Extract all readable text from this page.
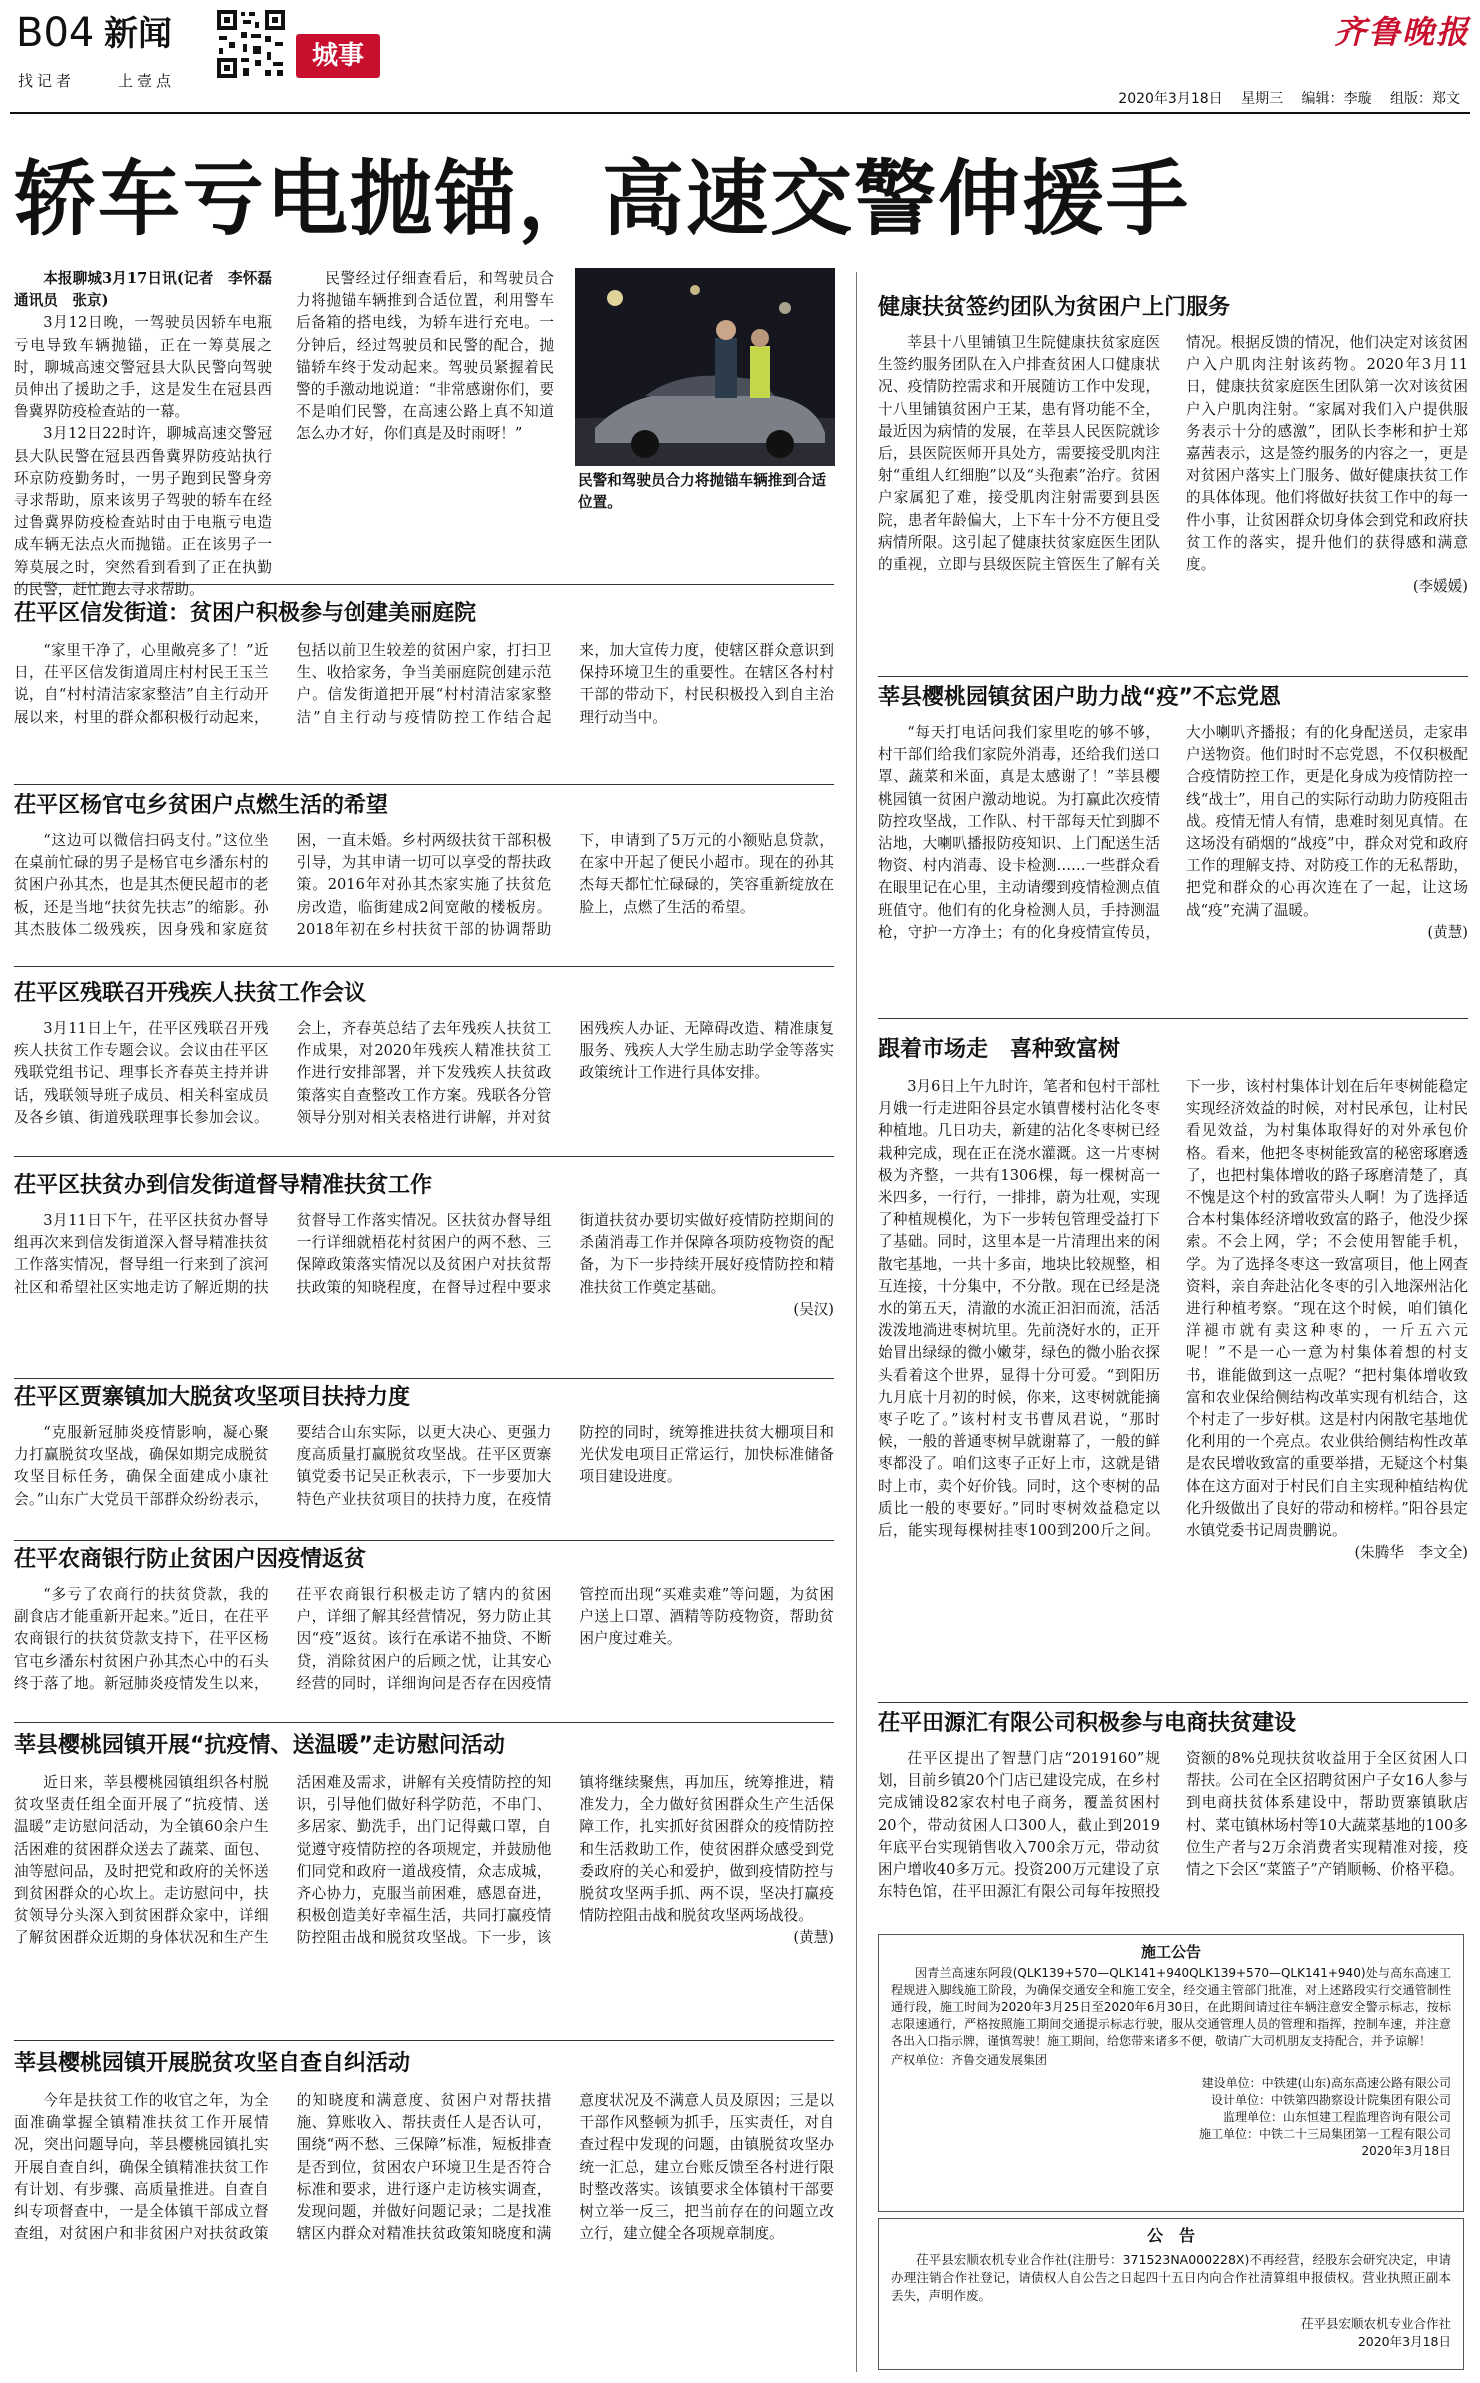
B04 新闻
找记者	上壹点
城事
齐鲁晚报
2020年3月18日 　 星期三 　 编辑：李璇 　 组版：郑文
轿车亏电抛锚，高速交警伸援手

本报聊城3月17日讯(记者　李怀磊　通讯员　张京)

3月12日晚，一驾驶员因轿车电瓶亏电导致车辆抛锚，正在一筹莫展之时，聊城高速交警冠县大队民警向驾驶员伸出了援助之手，这是发生在冠县西鲁冀界防疫检查站的一幕。

3月12日22时许，聊城高速交警冠县大队民警在冠县西鲁冀界防疫站执行环京防疫勤务时，一男子跑到民警身旁寻求帮助，原来该男子驾驶的轿车在经过鲁冀界防疫检查站时由于电瓶亏电造成车辆无法点火而抛锚。正在该男子一筹莫展之时，突然看到看到了正在执勤的民警，赶忙跑去寻求帮助。

民警经过仔细查看后，和驾驶员合力将抛锚车辆推到合适位置，利用警车后备箱的搭电线，为轿车进行充电。一分钟后，经过驾驶员和民警的配合，抛锚轿车终于发动起来。驾驶员紧握着民警的手激动地说道：“非常感谢你们，要不是咱们民警，在高速公路上真不知道怎么办才好，你们真是及时雨呀！”

民警和驾驶员合力将抛锚车辆推到合适位置。
茌平区信发街道：贫困户积极参与创建美丽庭院

“家里干净了，心里敞亮多了！”近日，茌平区信发街道周庄村村民王玉兰说，自“村村清洁家家整洁”自主行动开展以来，村里的群众都积极行动起来，包括以前卫生较差的贫困户家，打扫卫生、收拾家务，争当美丽庭院创建示范户。信发街道把开展“村村清洁家家整洁”自主行动与疫情防控工作结合起来，加大宣传力度，使辖区群众意识到保持环境卫生的重要性。在辖区各村村干部的带动下，村民积极投入到自主治理行动当中。

茌平区杨官屯乡贫困户点燃生活的希望

“这边可以微信扫码支付。”这位坐在桌前忙碌的男子是杨官屯乡潘东村的贫困户孙其杰，也是其杰便民超市的老板，还是当地“扶贫先扶志”的缩影。孙其杰肢体二级残疾，因身残和家庭贫困，一直未婚。乡村两级扶贫干部积极引导，为其申请一切可以享受的帮扶政策。2016年对孙其杰家实施了扶贫危房改造，临街建成2间宽敞的楼板房。2018年初在乡村扶贫干部的协调帮助下，申请到了5万元的小额贴息贷款，在家中开起了便民小超市。现在的孙其杰每天都忙忙碌碌的，笑容重新绽放在脸上，点燃了生活的希望。

茌平区残联召开残疾人扶贫工作会议

3月11日上午，茌平区残联召开残疾人扶贫工作专题会议。会议由茌平区残联党组书记、理事长齐春英主持并讲话，残联领导班子成员、相关科室成员及各乡镇、街道残联理事长参加会议。会上，齐春英总结了去年残疾人扶贫工作成果，对2020年残疾人精准扶贫工作进行安排部署，并下发残疾人扶贫政策落实自查整改工作方案。残联各分管领导分别对相关表格进行讲解，并对贫困残疾人办证、无障碍改造、精准康复服务、残疾人大学生励志助学金等落实政策统计工作进行具体安排。

茌平区扶贫办到信发街道督导精准扶贫工作

3月11日下午，茌平区扶贫办督导组再次来到信发街道深入督导精准扶贫工作落实情况，督导组一行来到了滨河社区和希望社区实地走访了解近期的扶贫督导工作落实情况。区扶贫办督导组一行详细就梧花村贫困户的两不愁、三保障政策落实情况以及贫困户对扶贫帮扶政策的知晓程度，在督导过程中要求街道扶贫办要切实做好疫情防控期间的杀菌消毒工作并保障各项防疫物资的配备，为下一步持续开展好疫情防控和精准扶贫工作奠定基础。

(吴汉)
茌平区贾寨镇加大脱贫攻坚项目扶持力度

“克服新冠肺炎疫情影响，凝心聚力打赢脱贫攻坚战，确保如期完成脱贫攻坚目标任务，确保全面建成小康社会。”山东广大党员干部群众纷纷表示，要结合山东实际，以更大决心、更强力度高质量打赢脱贫攻坚战。茌平区贾寨镇党委书记吴正秋表示，下一步要加大特色产业扶贫项目的扶持力度，在疫情防控的同时，统筹推进扶贫大棚项目和光伏发电项目正常运行，加快标准储备项目建设进度。

茌平农商银行防止贫困户因疫情返贫

“多亏了农商行的扶贫贷款，我的副食店才能重新开起来。”近日，在茌平农商银行的扶贫贷款支持下，茌平区杨官屯乡潘东村贫困户孙其杰心中的石头终于落了地。新冠肺炎疫情发生以来，茌平农商银行积极走访了辖内的贫困户，详细了解其经营情况，努力防止其因“疫”返贫。该行在承诺不抽贷、不断贷，消除贫困户的后顾之忧，让其安心经营的同时，详细询问是否存在因疫情管控而出现“买难卖难”等问题，为贫困户送上口罩、酒精等防疫物资，帮助贫困户度过难关。

莘县樱桃园镇开展“抗疫情、送温暖”走访慰问活动

近日来，莘县樱桃园镇组织各村脱贫攻坚责任组全面开展了“抗疫情、送温暖”走访慰问活动，为全镇60余户生活困难的贫困群众送去了蔬菜、面包、油等慰问品，及时把党和政府的关怀送到贫困群众的心坎上。走访慰问中，扶贫领导分头深入到贫困群众家中，详细了解贫困群众近期的身体状况和生产生活困难及需求，讲解有关疫情防控的知识，引导他们做好科学防范，不串门、多居家、勤洗手，出门记得戴口罩，自觉遵守疫情防控的各项规定，并鼓励他们同党和政府一道战疫情，众志成城，齐心协力，克服当前困难，感恩奋进，积极创造美好幸福生活，共同打赢疫情防控阻击战和脱贫攻坚战。下一步，该镇将继续聚焦，再加压，统筹推进，精准发力，全力做好贫困群众生产生活保障工作，扎实抓好贫困群众的疫情防控和生活救助工作，使贫困群众感受到党委政府的关心和爱护，做到疫情防控与脱贫攻坚两手抓、两不误，坚决打赢疫情防控阻击战和脱贫攻坚两场战役。

(黄慧)
莘县樱桃园镇开展脱贫攻坚自查自纠活动

今年是扶贫工作的收官之年，为全面准确掌握全镇精准扶贫工作开展情况，突出问题导向，莘县樱桃园镇扎实开展自查自纠，确保全镇精准扶贫工作有计划、有步骤、高质量推进。自查自纠专项督查中，一是全体镇干部成立督查组，对贫困户和非贫困户对扶贫政策的知晓度和满意度、贫困户对帮扶措施、算账收入、帮扶责任人是否认可，围绕“两不愁、三保障”标准，短板排查是否到位，贫困农户环境卫生是否符合标准和要求，进行逐户走访核实调查，发现问题，并做好问题记录；二是找准辖区内群众对精准扶贫政策知晓度和满意度状况及不满意人员及原因；三是以干部作风整顿为抓手，压实责任，对自查过程中发现的问题，由镇脱贫攻坚办统一汇总，建立台账反馈至各村进行限时整改落实。该镇要求全体镇村干部要树立举一反三，把当前存在的问题立改立行，建立健全各项规章制度。

健康扶贫签约团队为贫困户上门服务

莘县十八里铺镇卫生院健康扶贫家庭医生签约服务团队在入户排查贫困人口健康状况、疫情防控需求和开展随访工作中发现，十八里铺镇贫困户王某，患有肾功能不全，最近因为病情的发展，在莘县人民医院就诊后，县医院医师开具处方，需要接受肌肉注射“重组人红细胞”以及“头孢素”治疗。贫困户家属犯了难，接受肌肉注射需要到县医院，患者年龄偏大，上下车十分不方便且受病情所限。这引起了健康扶贫家庭医生团队的重视，立即与县级医院主管医生了解有关情况。根据反馈的情况，他们决定对该贫困户入户肌肉注射该药物。2020年3月11日，健康扶贫家庭医生团队第一次对该贫困户入户肌肉注射。“家属对我们入户提供服务表示十分的感激”，团队长李彬和护士郑嘉茜表示，这是签约服务的内容之一，更是对贫困户落实上门服务、做好健康扶贫工作的具体体现。他们将做好扶贫工作中的每一件小事，让贫困群众切身体会到党和政府扶贫工作的落实，提升他们的获得感和满意度。

(李媛媛)
莘县樱桃园镇贫困户助力战“疫”不忘党恩

“每天打电话问我们家里吃的够不够，村干部们给我们家院外消毒，还给我们送口罩、蔬菜和米面，真是太感谢了！”莘县樱桃园镇一贫困户激动地说。为打赢此次疫情防控攻坚战，工作队、村干部每天忙到脚不沾地，大喇叭播报防疫知识、上门配送生活物资、村内消毒、设卡检测……一些群众看在眼里记在心里，主动请缨到疫情检测点值班值守。他们有的化身检测人员，手持测温枪，守护一方净土；有的化身疫情宣传员，大小喇叭齐播报；有的化身配送员，走家串户送物资。他们时时不忘党恩，不仅积极配合疫情防控工作，更是化身成为疫情防控一线“战士”，用自己的实际行动助力防疫阻击战。疫情无情人有情，患难时刻见真情。在这场没有硝烟的“战疫”中，群众对党和政府工作的理解支持、对防疫工作的无私帮助，把党和群众的心再次连在了一起，让这场战“疫”充满了温暖。

(黄慧)
跟着市场走　喜种致富树

3月6日上午九时许，笔者和包村干部杜月娥一行走进阳谷县定水镇曹楼村沾化冬枣种植地。几日功夫，新建的沾化冬枣树已经栽种完成，现在正在浇水灌溉。这一片枣树极为齐整，一共有1306棵，每一棵树高一米四多，一行行，一排排，蔚为壮观，实现了种植规模化，为下一步转包管理受益打下了基础。同时，这里本是一片清理出来的闲散宅基地，一共十多亩，地块比较规整，相互连接，十分集中，不分散。现在已经是浇水的第五天，清澈的水流正汩汩而流，活活泼泼地淌进枣树坑里。先前浇好水的，正开始冒出绿绿的微小嫩芽，绿色的微小胎衣探头看着这个世界，显得十分可爱。“到阳历九月底十月初的时候，你来，这枣树就能摘枣子吃了。”该村村支书曹凤君说，“那时候，一般的普通枣树早就谢幕了，一般的鲜枣都没了。咱们这枣子正好上市，这就是错时上市，卖个好价钱。同时，这个枣树的品质比一般的枣要好。”同时枣树效益稳定以后，能实现每棵树挂枣100到200斤之间。下一步，该村村集体计划在后年枣树能稳定实现经济效益的时候，对村民承包，让村民看见效益，为村集体取得好的对外承包价格。看来，他把冬枣树能致富的秘密琢磨透了，也把村集体增收的路子琢磨清楚了，真不愧是这个村的致富带头人啊！为了选择适合本村集体经济增收致富的路子，他没少探索。不会上网，学；不会使用智能手机，学。为了选择冬枣这一致富项目，他上网查资料，亲自奔赴沾化冬枣的引入地深州沾化进行种植考察。“现在这个时候，咱们镇化洋褪市就有卖这种枣的，一斤五六元呢！”不是一心一意为村集体着想的村支书，谁能做到这一点呢？“把村集体增收致富和农业保给侧结构改革实现有机结合，这个村走了一步好棋。这是村内闲散宅基地优化利用的一个亮点。农业供给侧结构性改革是农民增收致富的重要举措，无疑这个村集体在这方面对于村民们自主实现种植结构优化升级做出了良好的带动和榜样。”阳谷县定水镇党委书记周贵鹏说。

(朱腾华　李文全)
茌平田源汇有限公司积极参与电商扶贫建设

茌平区提出了智慧门店“2019160”规划，目前乡镇20个门店已建设完成，在乡村完成铺设82家农村电子商务，覆盖贫困村20个，带动贫困人口300人，截止到2019年底平台实现销售收入700余万元，带动贫困户增收40多万元。投资200万元建设了京东特色馆，茌平田源汇有限公司每年按照投资额的8%兑现扶贫收益用于全区贫困人口帮扶。公司在全区招聘贫困户子女16人参与到电商扶贫体系建设中，帮助贾寨镇耿店村、菜屯镇林场村等10大蔬菜基地的100多位生产者与2万余消费者实现精准对接，疫情之下会区“菜篮子”产销顺畅、价格平稳。

施工公告

因青兰高速东阿段(QLK139+570—QLK141+940QLK139+570—QLK141+940)处与高东高速工程规进入脚线施工阶段，为确保交通安全和施工安全，经交通主管部门批准，对上述路段实行交通管制性通行段，施工时间为2020年3月25日至2020年6月30日，在此期间请过往车辆注意安全警示标志，按标志限速通行，严格按照施工期间交通提示标志行驶，服从交通管理人员的管理和指挥，控制车速，并注意各出入口指示牌，谨慎驾驶！施工期间，给您带来诸多不便，敬请广大司机朋友支持配合，并予谅解！

产权单位：齐鲁交通发展集团

建设单位：中铁建(山东)高东高速公路有限公司
设计单位：中铁第四勘察设计院集团有限公司
监理单位：山东恒建工程监理咨询有限公司
施工单位：中铁二十三局集团第一工程有限公司
2020年3月18日
公　告

茌平县宏顺农机专业合作社(注册号：371523NA000228X)不再经营，经股东会研究决定，申请办理注销合作社登记，请债权人自公告之日起四十五日内向合作社清算组申报债权。营业执照正副本丢失，声明作废。

茌平县宏顺农机专业合作社
2020年3月18日
